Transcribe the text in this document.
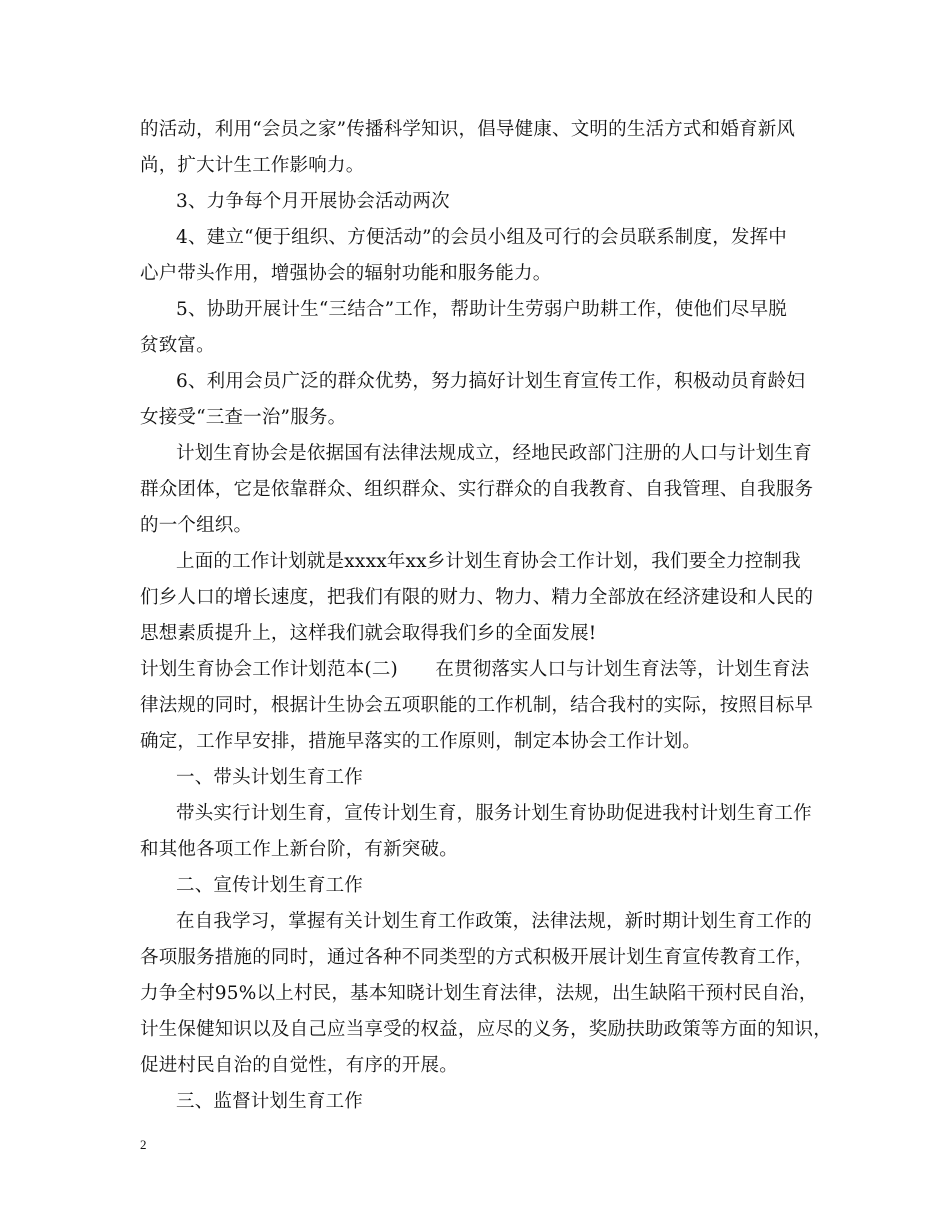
的活动，利用“会员之家”传播科学知识，倡导健康、文明的生活方式和婚育新风
尚，扩大计生工作影响力。
3、力争每个月开展协会活动两次
4、建立“便于组织、方便活动”的会员小组及可行的会员联系制度，发挥中
心户带头作用，增强协会的辐射功能和服务能力。
5、协助开展计生“三结合”工作，帮助计生劳弱户助耕工作，使他们尽早脱
贫致富。
6、利用会员广泛的群众优势，努力搞好计划生育宣传工作，积极动员育龄妇
女接受“三查一治”服务。
计划生育协会是依据国有法律法规成立，经地民政部门注册的人口与计划生育
群众团体，它是依靠群众、组织群众、实行群众的自我教育、自我管理、自我服务
的一个组织。
上面的工作计划就是xxxx年xx乡计划生育协会工作计划，我们要全力控制我
们乡人口的增长速度，把我们有限的财力、物力、精力全部放在经济建设和人民的
思想素质提升上，这样我们就会取得我们乡的全面发展!
计划生育协会工作计划范本(二)　　在贯彻落实人口与计划生育法等，计划生育法
律法规的同时，根据计生协会五项职能的工作机制，结合我村的实际，按照目标早
确定，工作早安排，措施早落实的工作原则，制定本协会工作计划。
一、带头计划生育工作
带头实行计划生育，宣传计划生育，服务计划生育协助促进我村计划生育工作
和其他各项工作上新台阶，有新突破。
二、宣传计划生育工作
在自我学习，掌握有关计划生育工作政策，法律法规，新时期计划生育工作的
各项服务措施的同时，通过各种不同类型的方式积极开展计划生育宣传教育工作，
力争全村95%以上村民，基本知晓计划生育法律，法规，出生缺陷干预村民自治，
计生保健知识以及自己应当享受的权益，应尽的义务，奖励扶助政策等方面的知识，
促进村民自治的自觉性，有序的开展。
三、监督计划生育工作
2
